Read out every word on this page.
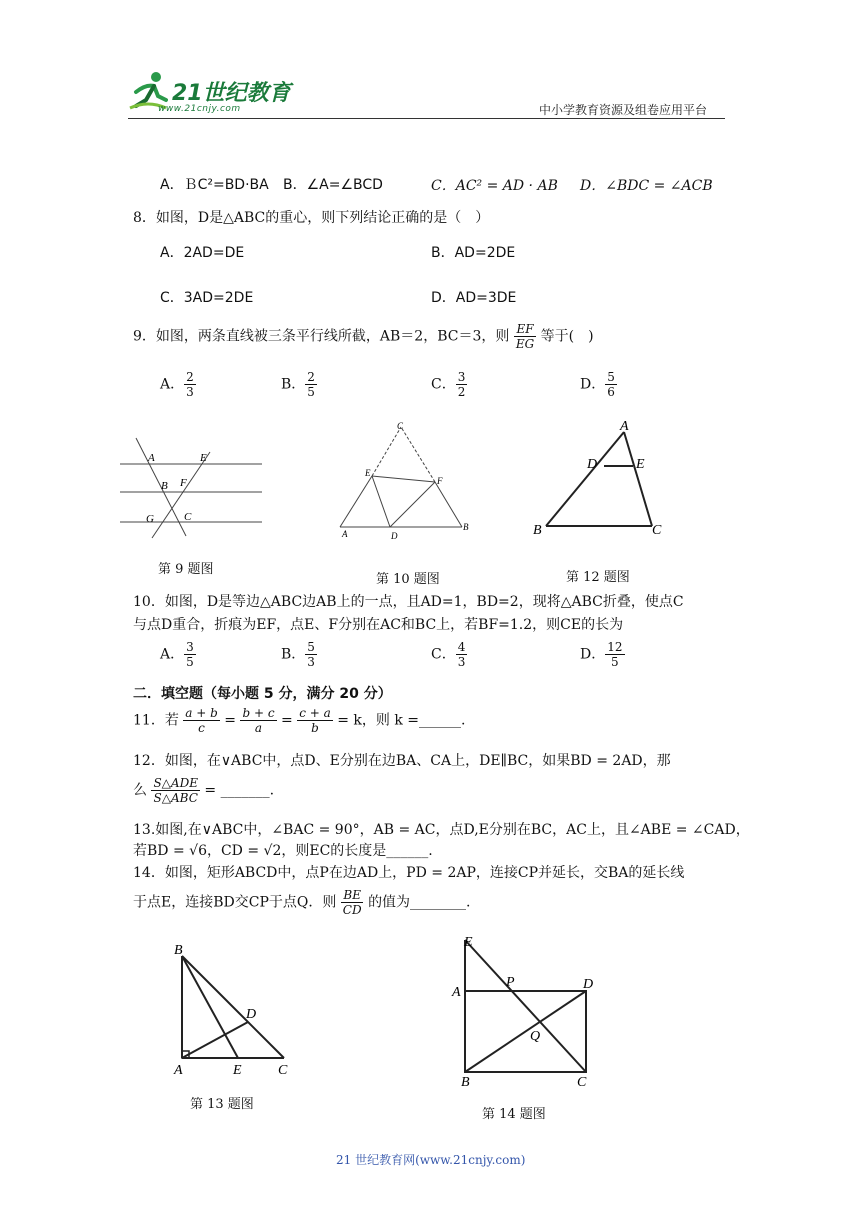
21世纪教育
www.21cnjy.com	中小学教育资源及组卷应用平台
A．ＢC²=BD·BA B．∠A=∠BCD	C．AC² = AD · AB D．∠BDC = ∠ACB
8．如图，D是△ABC的重心，则下列结论正确的是（　）
A．2AD=DE	B．AD=2DE
C．3AD=2DE	D．AD=3DE
9．如图，两条直线被三条平行线所截，AB＝2，BC＝3，则 $\frac{EF}{EG}$ 等于(　)
A． $\frac{2}{3}$	B． $\frac{2}{5}$	C． $\frac{3}{2}$	D． $\frac{5}{6}$
A	E
B F
G	C
第 9 题图
C
E
F
A	D
B
第 10 题图
A
D	E
B	C
第 12 题图
10．如图，D是等边△ABC边AB上的一点，且AD=1，BD=2，现将△ABC折叠，使点C
与点D重合，折痕为EF，点E、F分别在AC和BC上，若BF=1.2，则CE的长为
A． $\frac{3}{5}$	B． $\frac{5}{3}$	C． $\frac{4}{3}$	D． $\frac{12}{5}$
二．填空题（每小题 5 分，满分 20 分）
11．若 $\frac{a + b}{c} = \frac{b + c}{a} = \frac{c + a}{b} = k$，则 k =______.
12．如图，在∨ABC中，点D、E分别在边BA、CA上，DE∥BC，如果BD = 2AD，那
么 $\frac{\text{S△ADE}}{\text{S△ABC}}$ = _______.
13.如图,在∨ABC中，∠BAC = 90°，AB = AC，点D,E分别在BC，AC上，且∠ABE = ∠CAD，
若BD = √6，CD = √2，则EC的长度是______.
14．如图，矩形ABCD中，点P在边AD上，PD = 2AP，连接CP并延长，交BA的延长线
于点E，连接BD交CP于点Q．则 $\frac{BE}{CD}$ 的值为________.
B
D
A	E	C
第 13 题图
E
A
P	D
Q
B	C
第 14 题图
21 世纪教育网(www.21cnjy.com)
